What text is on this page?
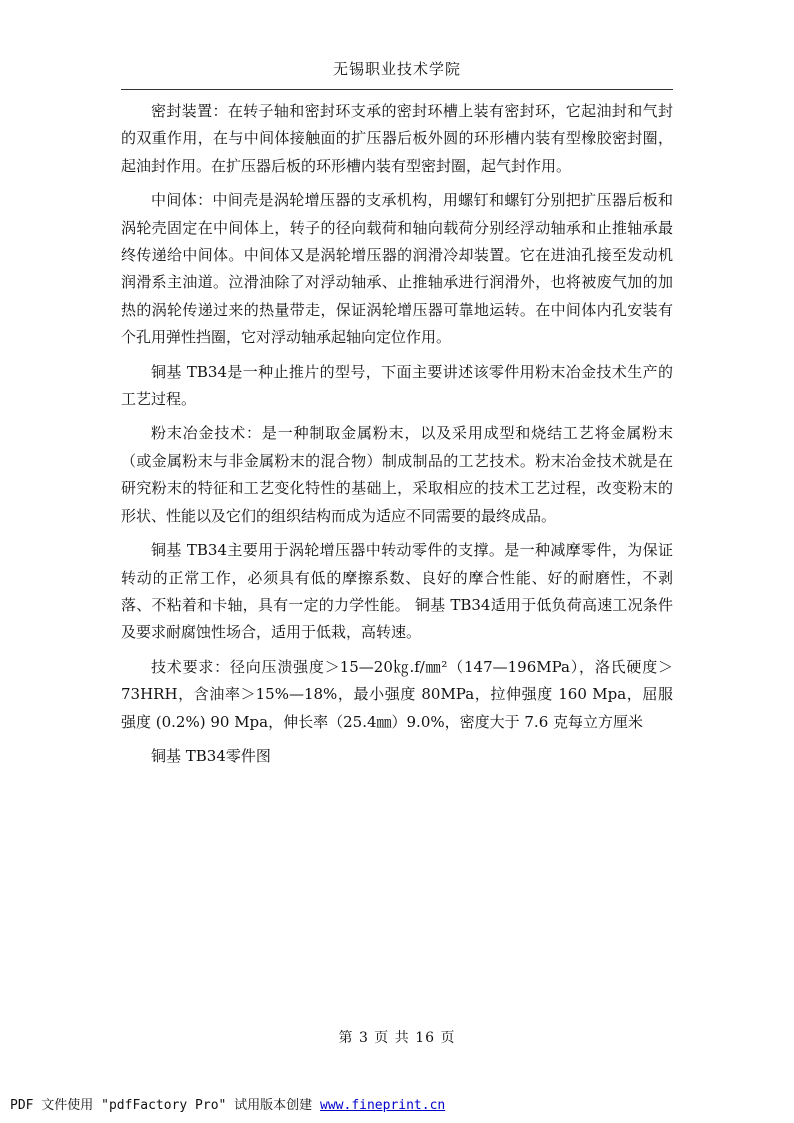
无锡职业技术学院

密封装置：在转子轴和密封环支承的密封环槽上装有密封环，它起油封和气封的双重作用，在与中间体接触面的扩压器后板外圆的环形槽内装有型橡胶密封圈，起油封作用。在扩压器后板的环形槽内装有型密封圈，起气封作用。

中间体：中间壳是涡轮增压器的支承机构，用螺钉和螺钉分别把扩压器后板和涡轮壳固定在中间体上，转子的径向载荷和轴向载荷分别经浮动轴承和止推轴承最终传递给中间体。中间体又是涡轮增压器的润滑冷却装置。它在进油孔接至发动机润滑系主油道。泣滑油除了对浮动轴承、止推轴承进行润滑外，也将被废气加的加热的涡轮传递过来的热量带走，保证涡轮增压器可靠地运转。在中间体内孔安装有个孔用弹性挡圈，它对浮动轴承起轴向定位作用。

铜基 TB34是一种止推片的型号，下面主要讲述该零件用粉末冶金技术生产的工艺过程。

粉末冶金技术：是一种制取金属粉末，以及采用成型和烧结工艺将金属粉末（或金属粉末与非金属粉末的混合物）制成制品的工艺技术。粉末冶金技术就是在研究粉末的特征和工艺变化特性的基础上，采取相应的技术工艺过程，改变粉末的形状、性能以及它们的组织结构而成为适应不同需要的最终成品。

铜基 TB34主要用于涡轮增压器中转动零件的支撑。是一种减摩零件，为保证转动的正常工作，必须具有低的摩擦系数、良好的摩合性能、好的耐磨性，不剥落、不粘着和卡轴，具有一定的力学性能。 铜基 TB34适用于低负荷高速工况条件及要求耐腐蚀性场合，适用于低栽，高转速。

技术要求：径向压溃强度＞15—20㎏.f/㎜²（147—196MPa），洛氏硬度＞73HRH，含油率＞15%—18%，最小强度 80MPa，拉伸强度 160 Mpa，屈服强度 (0.2%) 90 Mpa，伸长率（25.4㎜）9.0%，密度大于 7.6 克每立方厘米

铜基 TB34零件图

第 3 页 共 16 页
PDF 文件使用 "pdfFactory Pro" 试用版本创建 www.fineprint.cn
